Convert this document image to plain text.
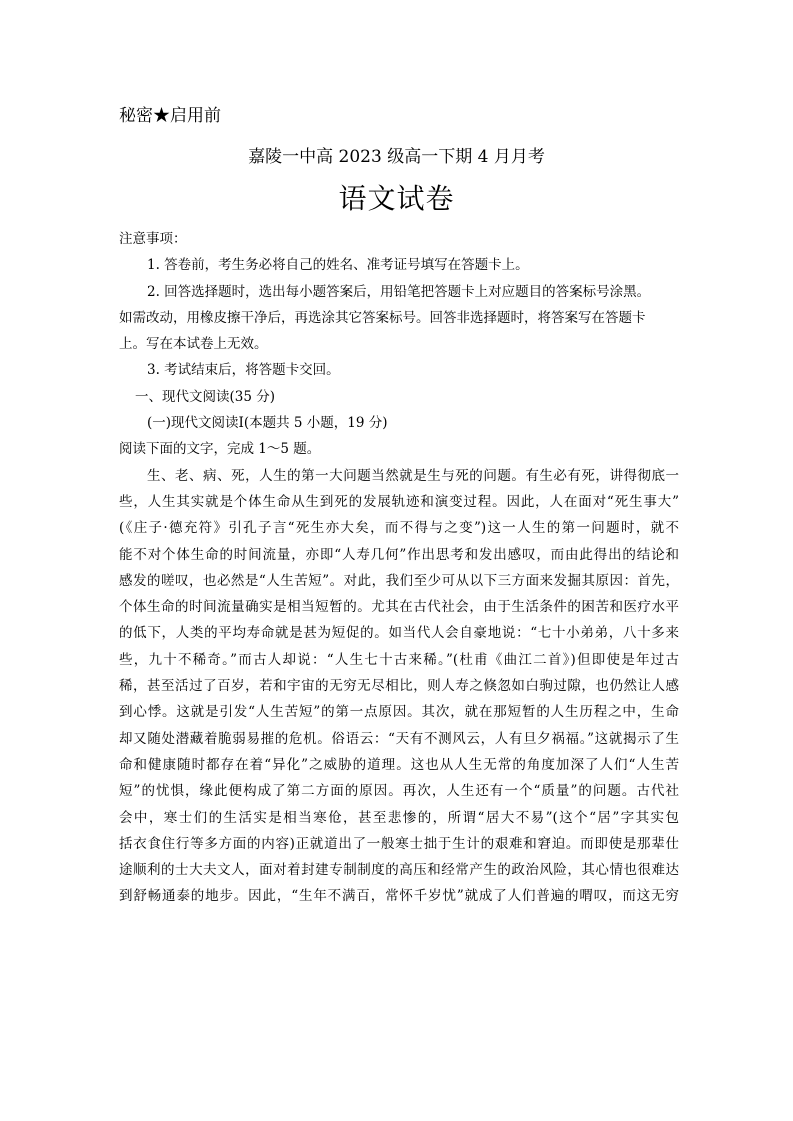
秘密★启用前
嘉陵一中高 2023 级高一下期 4 月月考
语文试卷
注意事项：
1. 答卷前，考生务必将自己的姓名、准考证号填写在答题卡上。
2. 回答选择题时，选出每小题答案后，用铅笔把答题卡上对应题目的答案标号涂黑。
如需改动，用橡皮擦干净后，再选涂其它答案标号。回答非选择题时，将答案写在答题卡
上。写在本试卷上无效。
3. 考试结束后，将答题卡交回。
一、现代文阅读(35 分)
(一)现代文阅读Ⅰ(本题共 5 小题，19 分)
阅读下面的文字，完成 1～5 题。
生、老、病、死，人生的第一大问题当然就是生与死的问题。有生必有死，讲得彻底一
些，人生其实就是个体生命从生到死的发展轨迹和演变过程。因此，人在面对“死生事大”
(《庄子·德充符》引孔子言“死生亦大矣，而不得与之变”)这一人生的第一问题时，就不
能不对个体生命的时间流量，亦即“人寿几何”作出思考和发出感叹，而由此得出的结论和
感发的嗟叹，也必然是“人生苦短”。对此，我们至少可从以下三方面来发掘其原因：首先，
个体生命的时间流量确实是相当短暂的。尤其在古代社会，由于生活条件的困苦和医疗水平
的低下，人类的平均寿命就是甚为短促的。如当代人会自豪地说：“七十小弟弟，八十多来
些，九十不稀奇。”而古人却说：“人生七十古来稀。”(杜甫《曲江二首》)但即使是年过古
稀，甚至活过了百岁，若和宇宙的无穷无尽相比，则人寿之倏忽如白驹过隙，也仍然让人感
到心悸。这就是引发“人生苦短”的第一点原因。其次，就在那短暂的人生历程之中，生命
却又随处潜藏着脆弱易摧的危机。俗语云：“天有不测风云，人有旦夕祸福。”这就揭示了生
命和健康随时都存在着“异化”之威胁的道理。这也从人生无常的角度加深了人们“人生苦
短”的忧惧，缘此便构成了第二方面的原因。再次，人生还有一个“质量”的问题。古代社
会中，寒士们的生活实是相当寒伧，甚至悲惨的，所谓“居大不易”(这个“居”字其实包
括衣食住行等多方面的内容)正就道出了一般寒士拙于生计的艰难和窘迫。而即使是那辈仕
途顺利的士大夫文人，面对着封建专制制度的高压和经常产生的政治风险，其心情也很难达
到舒畅通泰的地步。因此，“生年不满百，常怀千岁忧”就成了人们普遍的喟叹，而这无穷
